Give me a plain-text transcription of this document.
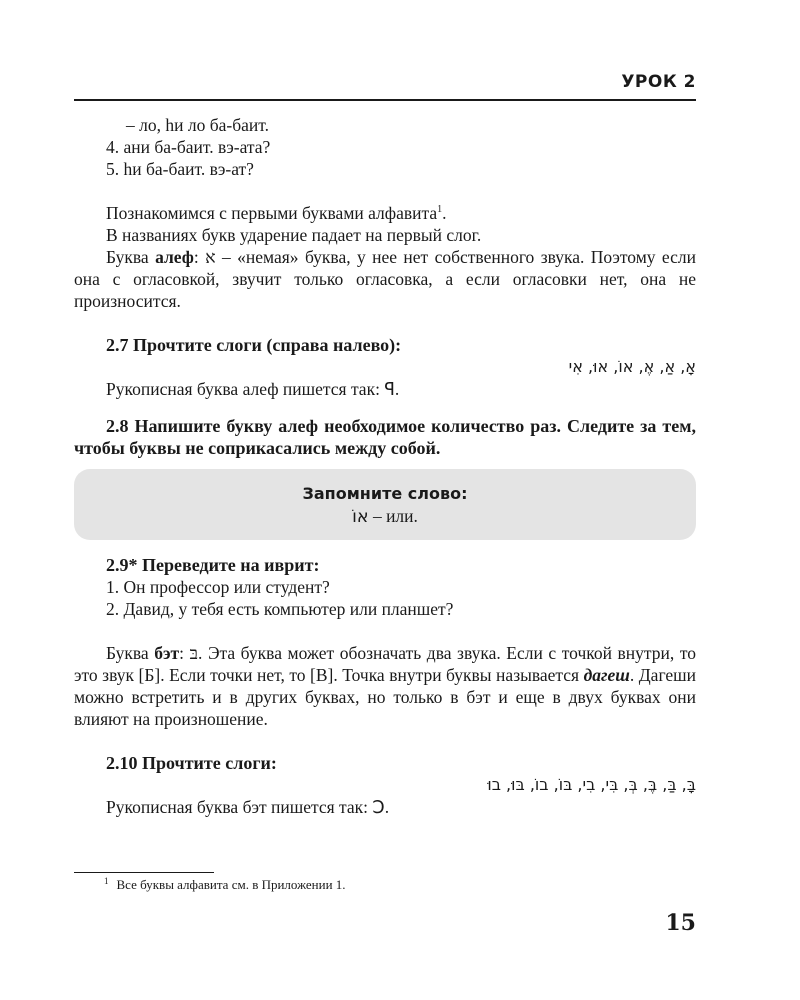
УРОК 2

– ло, һи ло ба-баит.

4. ани ба-баит. вэ-ата?

5. һи ба-баит. вэ-ат?

Познакомимся с первыми буквами алфавита$^1$.

В названиях букв ударение падает на первый слог.

Буква алеф: א – «немая» буква, у нее нет собственного звука. Поэтому если она с огласовкой, звучит только огласовка, а если огласовки нет, она не произносится.

2.7 Прочтите слоги (справа налево):

אָ, אַ, אֶ, אוֹ, אוּ, אִי

Рукописная буква алеф пишется так: ꟼ.

2.8 Напишите букву алеф необходимое количество раз. Следите за тем, чтобы буквы не соприкасались между собой.

Запомните слово:
אוֹ – или.

2.9* Переведите на иврит:

1. Он профессор или студент?

2. Давид, у тебя есть компьютер или планшет?

Буква бэт: בּ. Эта буква может обозначать два звука. Если с точкой внутри, то это звук [Б]. Если точки нет, то [В]. Точка внутри буквы называется дагеш. Дагеши можно встретить и в других буквах, но только в бэт и еще в двух буквах они влияют на произношение.

2.10 Прочтите слоги:

בָּ, בַּ, בֶּ, בְּ, בִּי, בִי, בּוֹ, בוֹ, בּוּ, בוּ

Рукописная буква бэт пишется так: Ↄ.

$^1$ Все буквы алфавита см. в Приложении 1.
15
